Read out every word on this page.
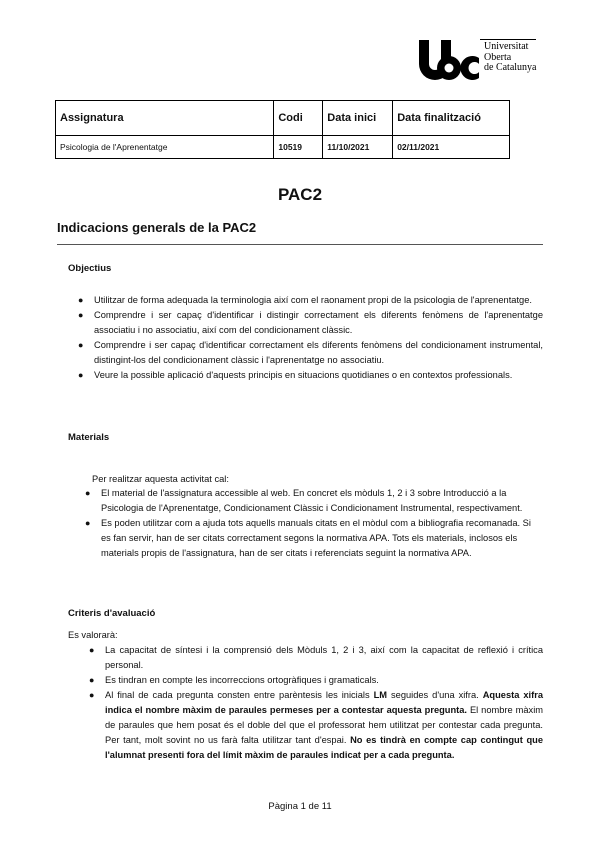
Universitat
Oberta
de Catalunya
Assignatura	Codi	Data inici	Data finalització
Psicologia de l'Aprenentatge	10519	11/10/2021	02/11/2021
PAC2
Indicacions generals de la PAC2
Objectius
● Utilitzar de forma adequada la terminologia així com el raonament propi de la psicologia de l'aprenentatge.
● Comprendre i ser capaç d'identificar i distingir correctament els diferents fenòmens de l'aprenentatge associatiu i no associatiu, així com del condicionament clàssic.
● Comprendre i ser capaç d'identificar correctament els diferents fenòmens del condicionament instrumental, distingint-los del condicionament clàssic i l'aprenentatge no associatiu.
● Veure la possible aplicació d'aquests principis en situacions quotidianes o en contextos professionals.
Materials
Per realitzar aquesta activitat cal:
● El material de l'assignatura accessible al web. En concret els mòduls 1, 2 i 3 sobre Introducció a la Psicologia de l'Aprenentatge, Condicionament Clàssic i Condicionament Instrumental, respectivament.
● Es poden utilitzar com a ajuda tots aquells manuals citats en el mòdul com a bibliografia recomanada. Si es fan servir, han de ser citats correctament segons la normativa APA. Tots els materials, inclosos els materials propis de l'assignatura, han de ser citats i referenciats seguint la normativa APA.
Criteris d'avaluació
Es valorarà:
● La capacitat de síntesi i la comprensió dels Mòduls 1, 2 i 3, així com la capacitat de reflexió i crítica personal.
● Es tindran en compte les incorreccions ortogràfiques i gramaticals.
● Al final de cada pregunta consten entre parèntesis les inicials LM seguides d'una xifra. Aquesta xifra indica el nombre màxim de paraules permeses per a contestar aquesta pregunta. El nombre màxim de paraules que hem posat és el doble del que el professorat hem utilitzat per contestar cada pregunta. Per tant, molt sovint no us farà falta utilitzar tant d'espai. No es tindrà en compte cap contingut que l'alumnat presenti fora del límit màxim de paraules indicat per a cada pregunta.
Pàgina 1 de 11
